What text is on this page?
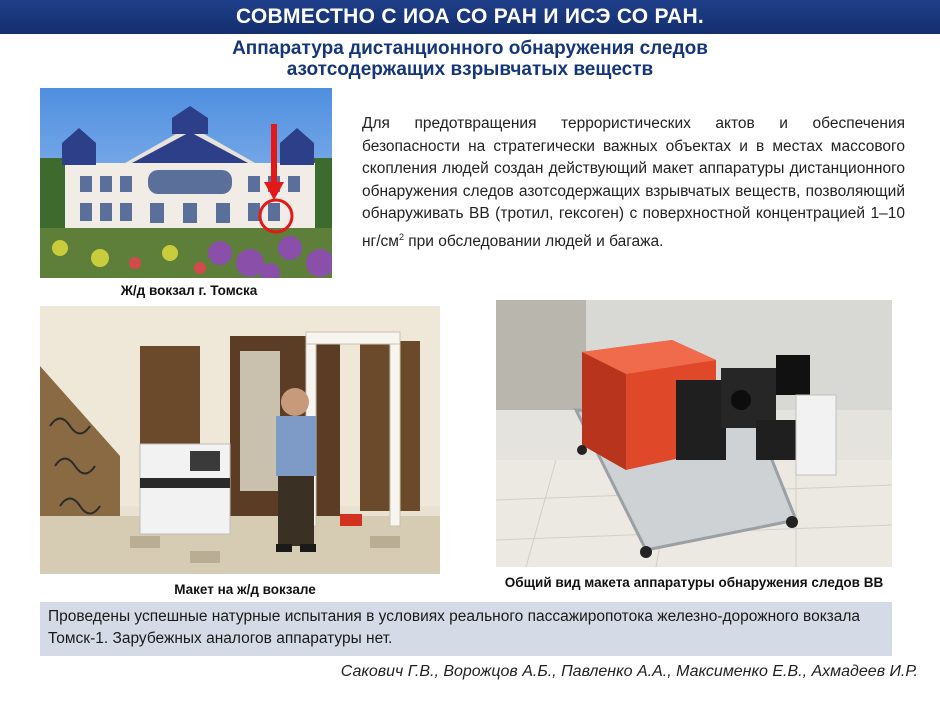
СОВМЕСТНО С ИОА СО РАН И ИСЭ СО РАН.
Аппаратура дистанционного обнаружения следов
азотсодержащих взрывчатых веществ
Ж/д вокзал г. Томска
Для предотвращения террористических актов и обеспечения безопасности на стратегически важных объектах и в местах массового скопления людей создан действующий макет аппаратуры дистанционного обнаружения следов азотсодержащих взрывчатых веществ, позволяющий обнаруживать ВВ (тротил, гексоген) с поверхностной концентрацией 1–10 $нг/см^2$ при обследовании людей и багажа.
Макет на ж/д вокзале	Общий вид макета аппаратуры обнаружения следов ВВ
Проведены успешные натурные испытания в условиях реального пассажиропотока железно-дорожного вокзала Томск-1. Зарубежных аналогов аппаратуры нет.
Сакович Г.В., Ворожцов А.Б., Павленко А.А., Максименко Е.В., Ахмадеев И.Р.
